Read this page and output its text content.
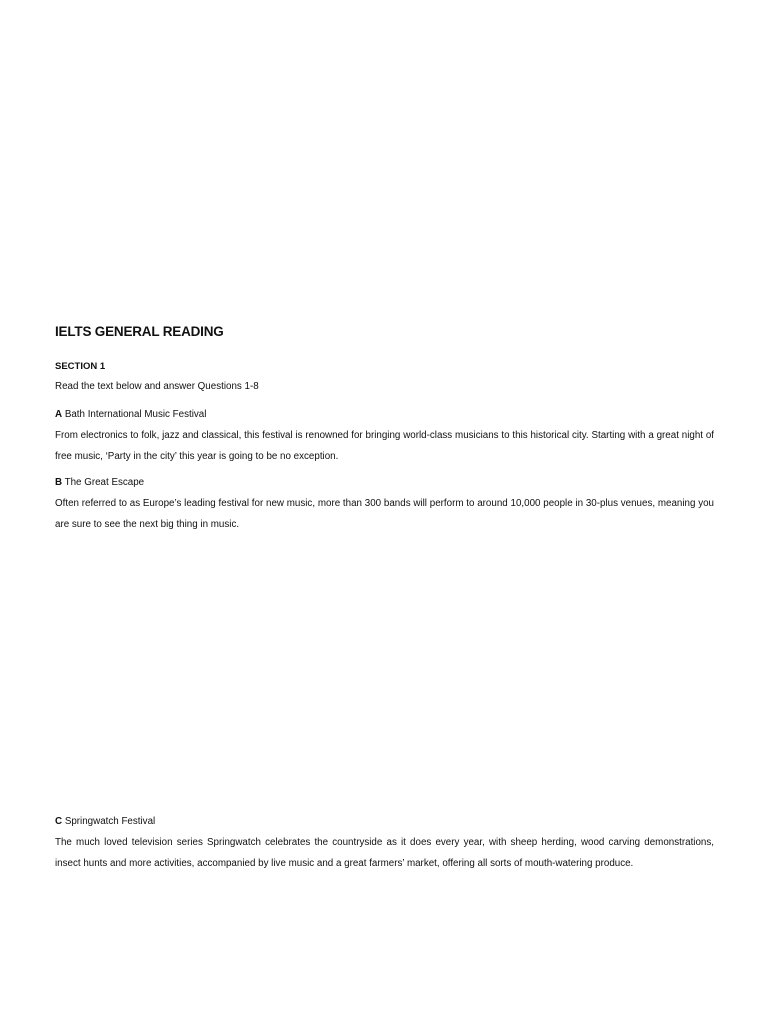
IELTS GENERAL READING

SECTION 1

Read the text below and answer Questions 1-8

A Bath International Music Festival

From electronics to folk, jazz and classical, this festival is renowned for bringing world-class musicians to this historical city. Starting with a great night of free music, ‘Party in the city’ this year is going to be no exception.

B The Great Escape

Often referred to as Europe’s leading festival for new music, more than 300 bands will perform to around 10,000 people in 30-plus venues, meaning you are sure to see the next big thing in music.

C Springwatch Festival

The much loved television series Springwatch celebrates the countryside as it does every year, with sheep herding, wood carving demonstrations, insect hunts and more activities, accompanied by live music and a great farmers’ market, offering all sorts of mouth-watering produce.
